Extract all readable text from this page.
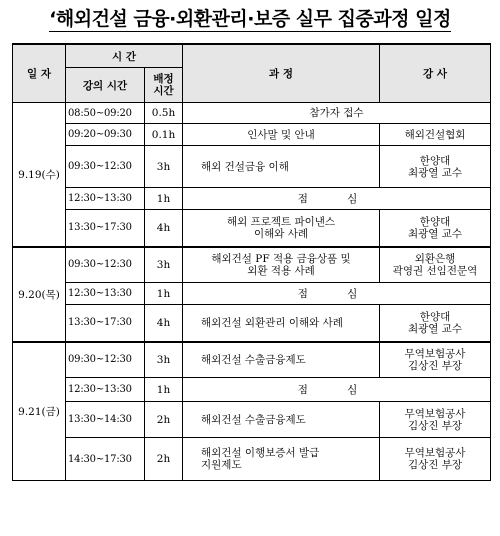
‘해외건설 금융·외환관리·보증 실무 집중과정 일정
일 자	시 간		과 정	강 사
	강의 시간	배정
시간		
9.19(수)	08:50~09:20	0.5h	참가자 접수	
	09:20~09:30	0.1h	인사말 및 안내	해외건설협회

	09:30~12:30	3h	해외 건설금융 이해	한양대
최광열 교수

	12:30~13:30	1h	점 심	
	13:30~17:30	4h	해외 프로젝트 파이낸스
이해와 사례	한양대
최광열 교수

9.20(목)	09:30~12:30	3h	해외건설 PF 적용 금융상품 및
외환 적용 사례	외환은행
곽영권 선임전문역

	12:30~13:30	1h	점 심	
	13:30~17:30	4h	해외건설 외환관리 이해와 사례	한양대
최광열 교수

9.21(금)	09:30~12:30	3h	해외건설 수출금융제도	무역보험공사
김상진 부장

	12:30~13:30	1h	점 심	
	13:30~14:30	2h	해외건설 수출금융제도	무역보험공사
김상진 부장

	14:30~17:30	2h	해외건설 이행보증서 발급
지원제도	무역보험공사
김상진 부장
